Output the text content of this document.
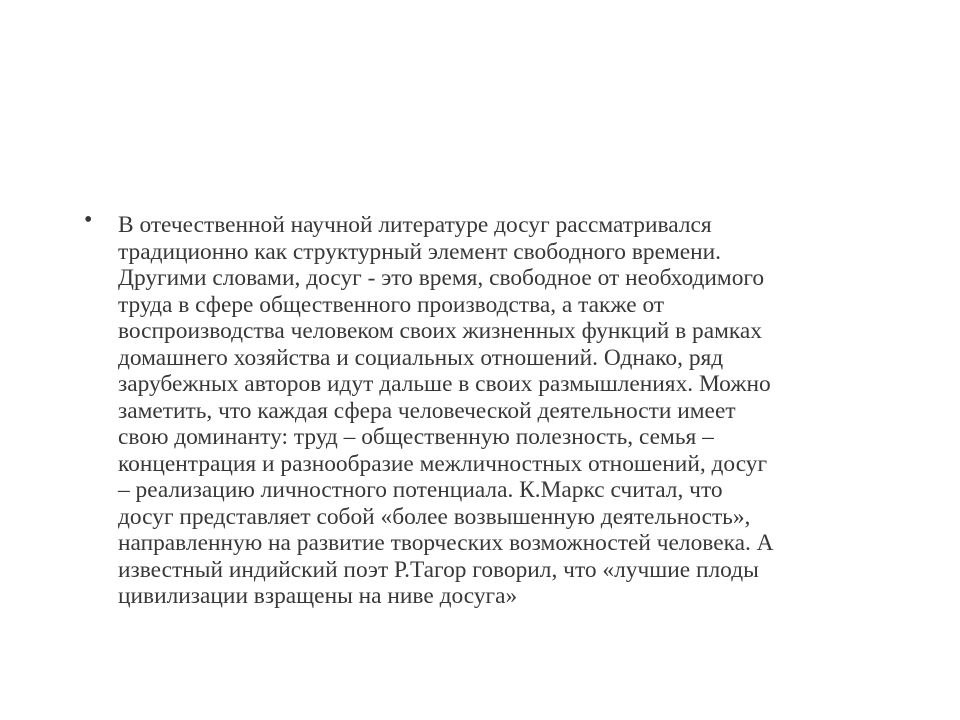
• В отечественной научной литературе досуг рассматривался
традиционно как структурный элемент свободного времени.
Другими словами, досуг - это время, свободное от необходимого
труда в сфере общественного производства, а также от
воспроизводства человеком своих жизненных функций в рамках
домашнего хозяйства и социальных отношений. Однако, ряд
зарубежных авторов идут дальше в своих размышлениях. Можно
заметить, что каждая сфера человеческой деятельности имеет
свою доминанту: труд – общественную полезность, семья –
концентрация и разнообразие межличностных отношений, досуг
– реализацию личностного потенциала. К.Маркс считал, что
досуг представляет собой «более возвышенную деятельность»,
направленную на развитие творческих возможностей человека. А
известный индийский поэт Р.Тагор говорил, что «лучшие плоды
цивилизации взращены на ниве досуга»
